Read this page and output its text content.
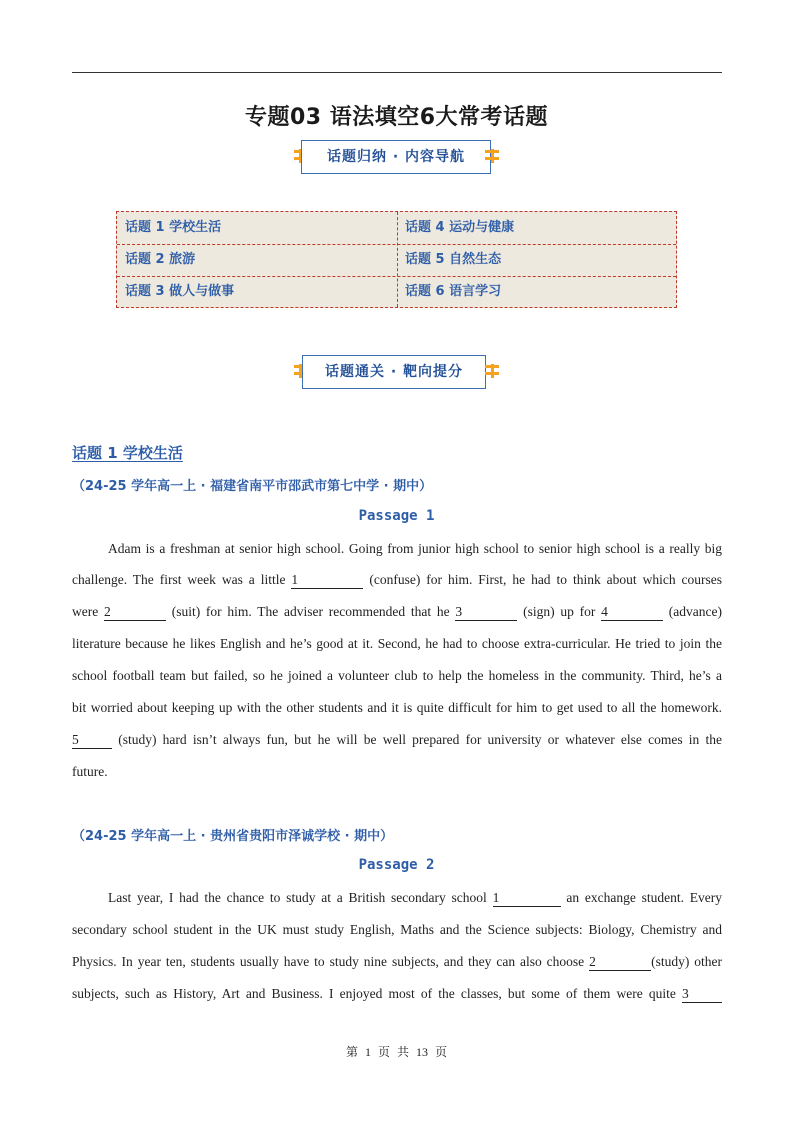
专题03 语法填空6大常考话题
话题归纳 · 内容导航
话题 1 学校生活	话题 4 运动与健康
话题 2 旅游	话题 5 自然生态
话题 3 做人与做事	话题 6 语言学习
话题通关 · 靶向提分
话题 1 学校生活
（24-25 学年高一上 · 福建省南平市邵武市第七中学 · 期中）
Passage 1
Adam is a freshman at senior high school. Going from junior high school to senior high school is a really big
challenge. The first week was a little 1	(confuse) for him. First, he had to think about which courses
were 2	(suit) for him. The adviser recommended that he 3	(sign) up for 4	(advance)
literature because he likes English and he’s good at it. Second, he had to choose extra-curricular. He tried to join the
school football team but failed, so he joined a volunteer club to help the homeless in the community. Third, he’s a
bit worried about keeping up with the other students and it is quite difficult for him to get used to all the homework.
5	(study) hard isn’t always fun, but he will be well prepared for university or whatever else comes in the
future.
（24-25 学年高一上 · 贵州省贵阳市泽诚学校 · 期中）
Passage 2
Last year, I had the chance to study at a British secondary school 1	an exchange student. Every
secondary school student in the UK must study English, Maths and the Science subjects: Biology, Chemistry and
Physics. In year ten, students usually have to study nine subjects, and they can also choose 2	(study) other
subjects, such as History, Art and Business. I enjoyed most of the classes, but some of them were quite 3
第 1 页 共 13 页
